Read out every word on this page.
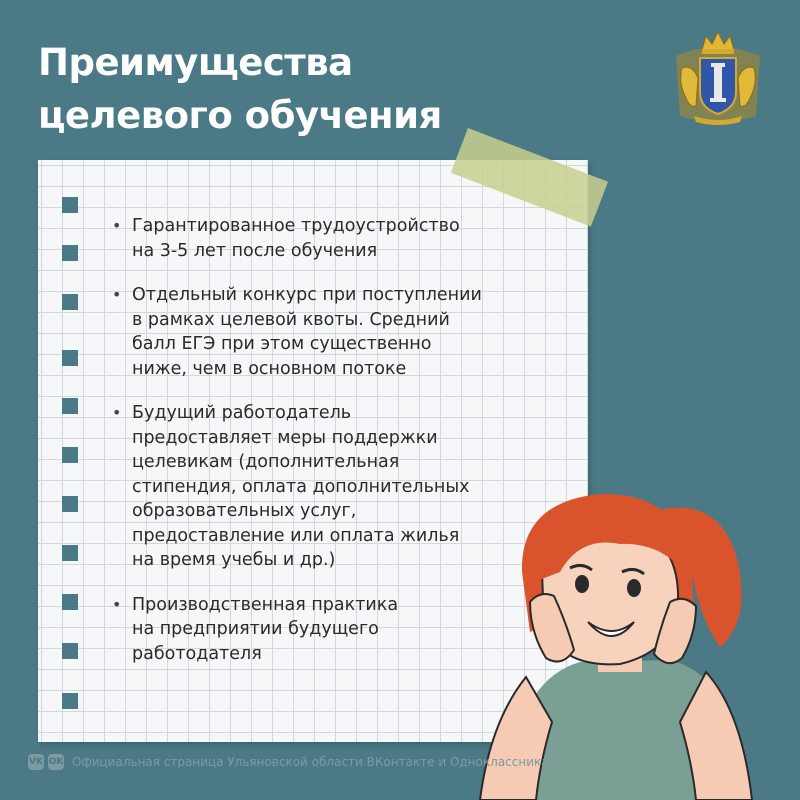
Преимущества
целевого обучения
• Гарантированное трудоустройство
на 3-5 лет после обучения
• Отдельный конкурс при поступлении
в рамках целевой квоты. Средний
балл ЕГЭ при этом существенно
ниже, чем в основном потоке
• Будущий работодатель
предоставляет меры поддержки
целевикам (дополнительная
стипендия, оплата дополнительных
образовательных услуг,
предоставление или оплата жилья
на время учебы и др.)
• Производственная практика
на предприятии будущего
работодателя
VK OK Официальная страница Ульяновской области ВКонтакте и Одноклассниках
